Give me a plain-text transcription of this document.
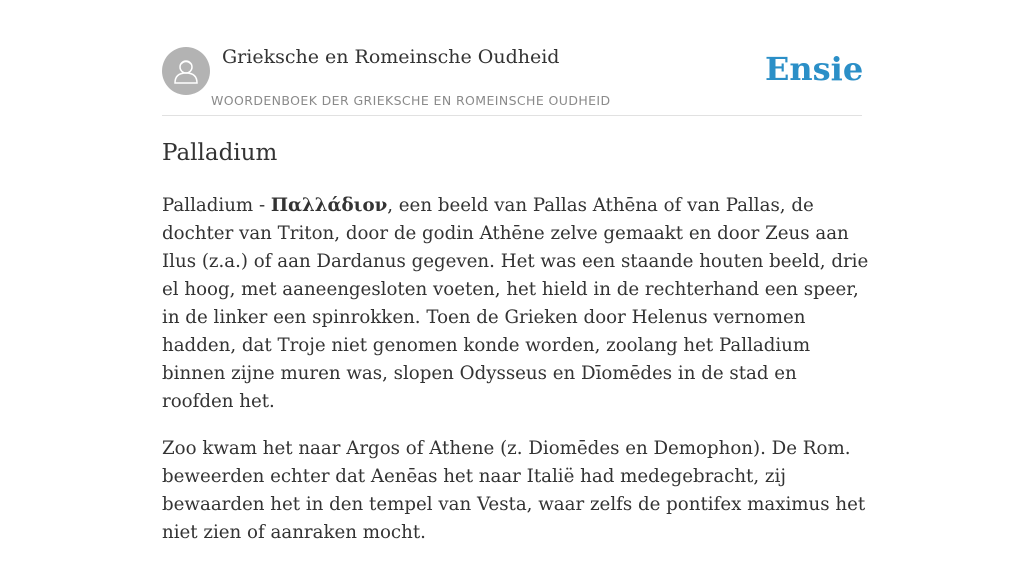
Grieksche en Romeinsche Oudheid
WOORDENBOEK DER GRIEKSCHE EN ROMEINSCHE OUDHEID
Ensie
Palladium

Palladium - Παλλάδιον, een beeld van Pallas Athēna of van Pallas, de dochter van Triton, door de godin Athēne zelve gemaakt en door Zeus aan Ilus (z.a.) of aan Dardanus gegeven. Het was een staande houten beeld, drie el hoog, met aaneengesloten voeten, het hield in de rechterhand een speer, in de linker een spinrokken. Toen de Grieken door Helenus vernomen hadden, dat Troje niet genomen konde worden, zoolang het Palladium binnen zijne muren was, slopen Odysseus en Dīomēdes in de stad en roofden het.

Zoo kwam het naar Argos of Athene (z. Diomēdes en Demophon). De Rom. beweerden echter dat Aenēas het naar Italië had medegebracht, zij bewaarden het in den tempel van Vesta, waar zelfs de pontifex maximus het niet zien of aanraken mocht.
